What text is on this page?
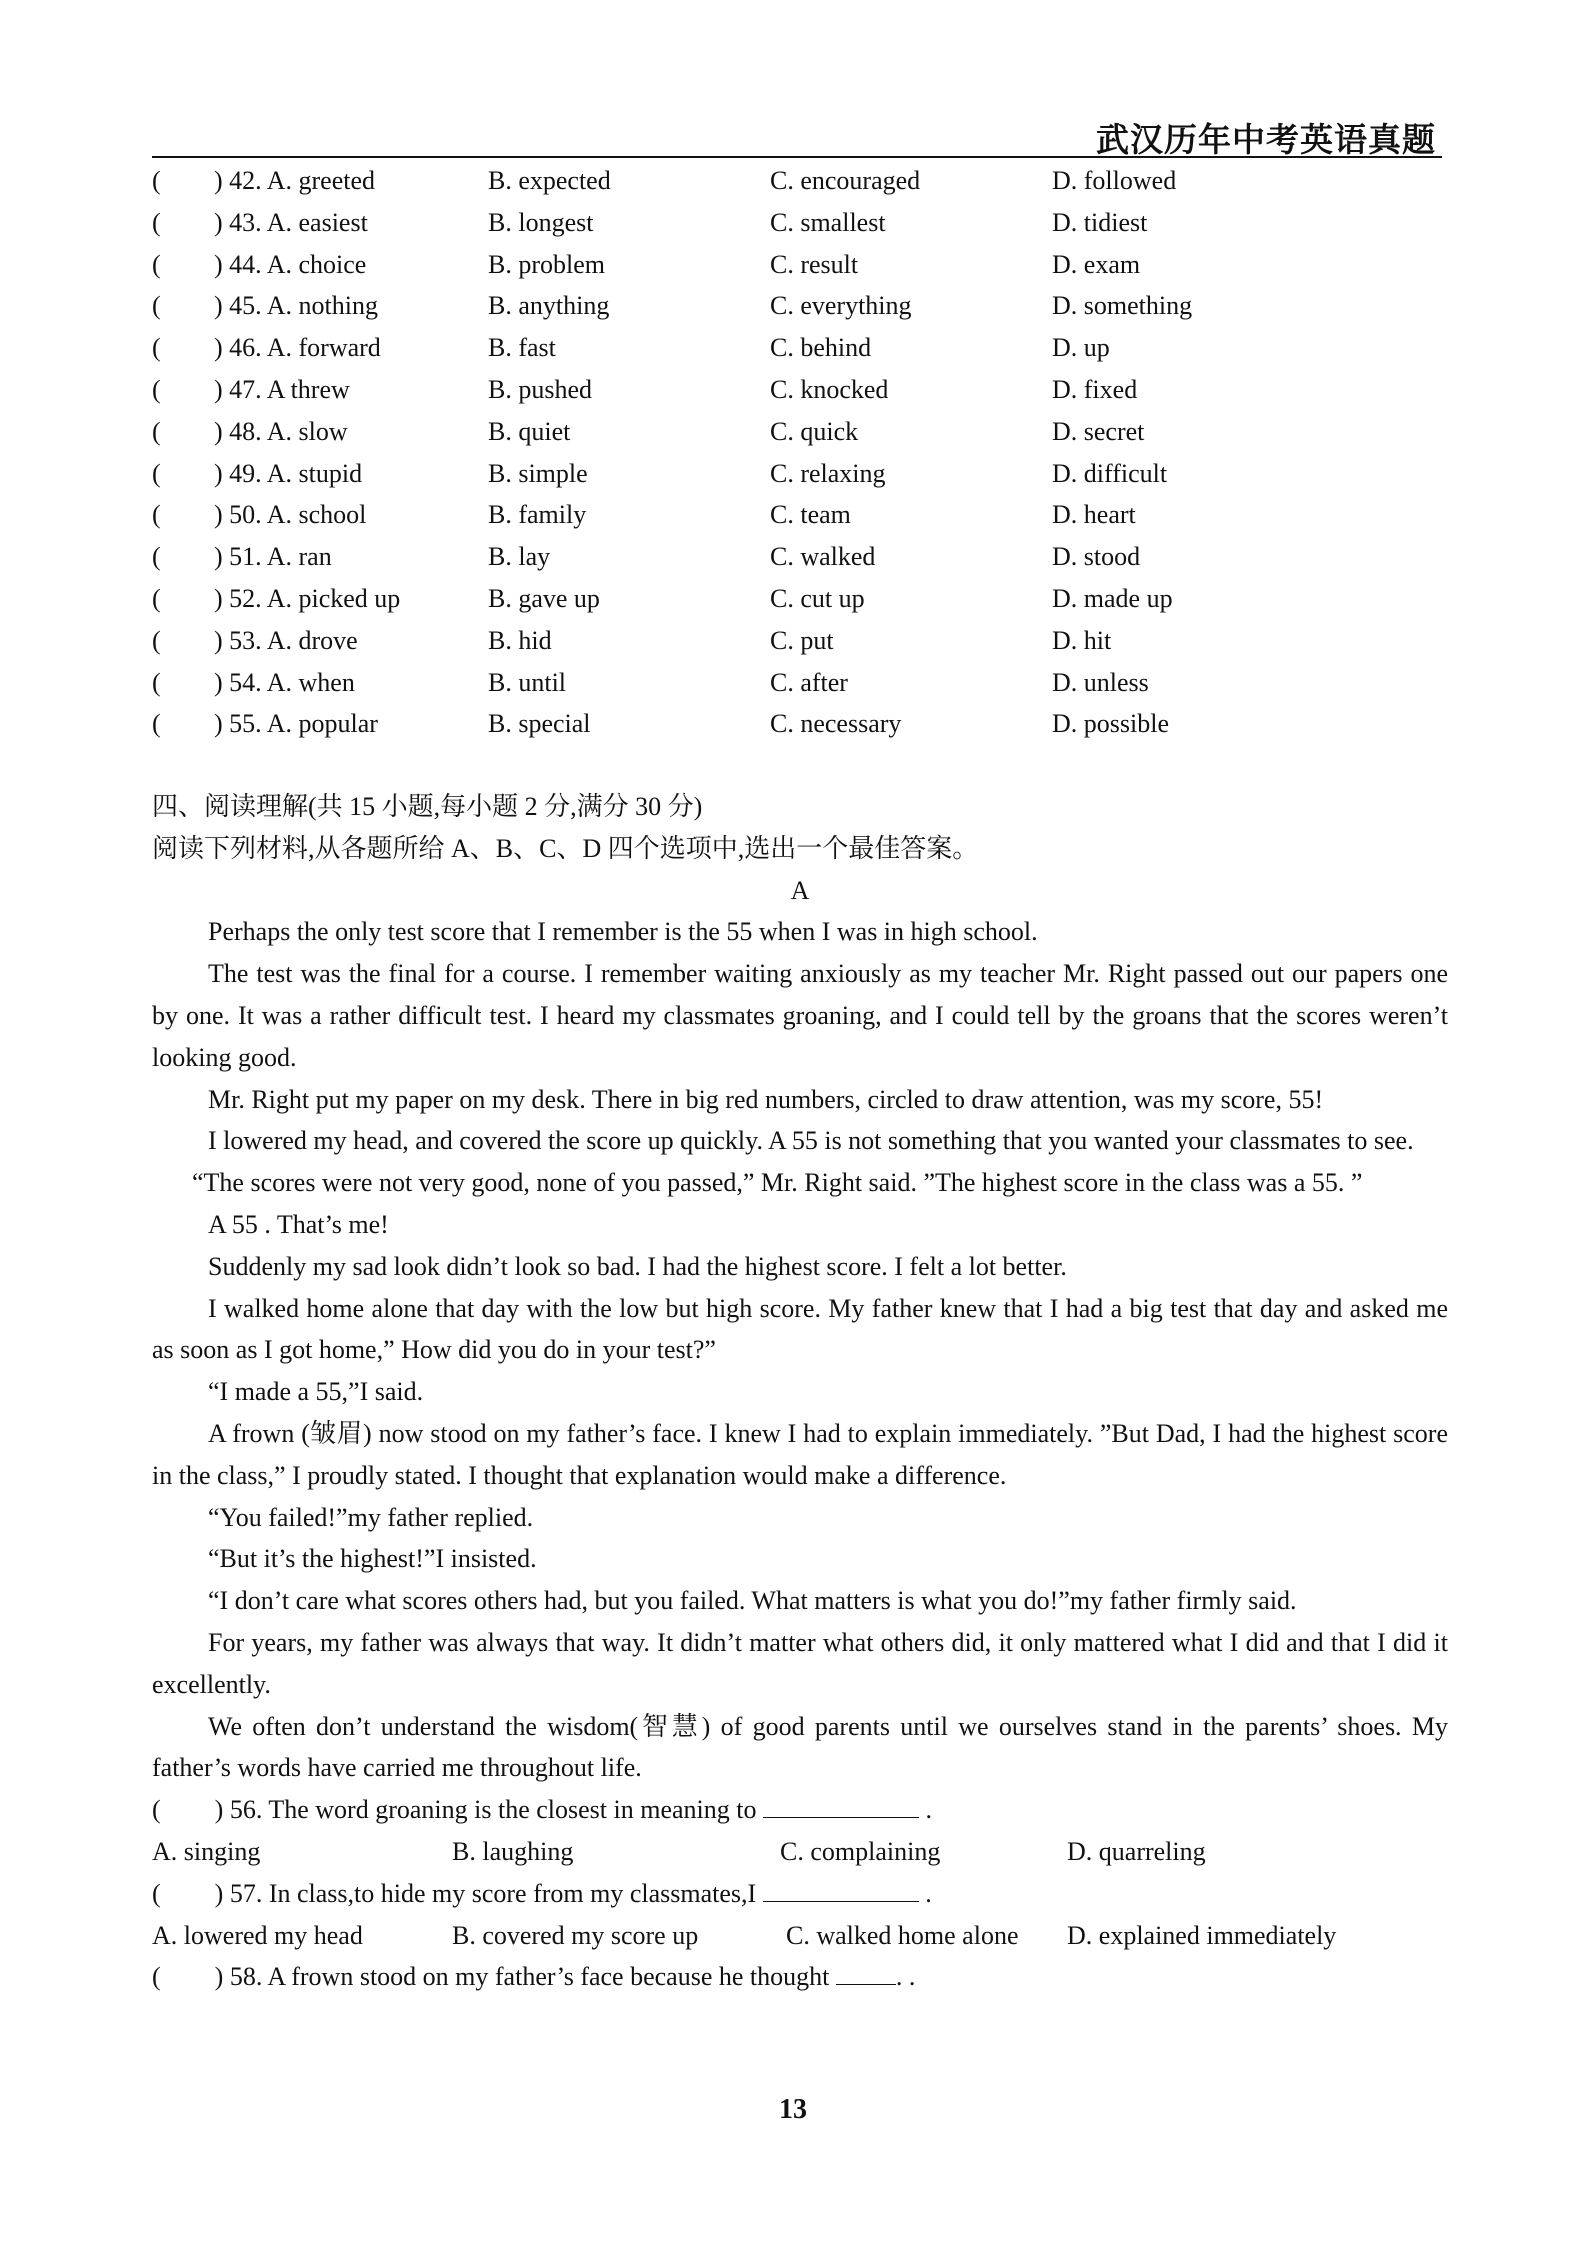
武汉历年中考英语真题
( ) 42. A. greeted	B. expected	C. encouraged	D. followed
( ) 43. A. easiest	B. longest	C. smallest	D. tidiest
( ) 44. A. choice	B. problem	C. result	D. exam
( ) 45. A. nothing	B. anything	C. everything	D. something
( ) 46. A. forward	B. fast	C. behind	D. up
( ) 47. A threw	B. pushed	C. knocked	D. fixed
( ) 48. A. slow	B. quiet	C. quick	D. secret
( ) 49. A. stupid	B. simple	C. relaxing	D. difficult
( ) 50. A. school	B. family	C. team	D. heart
( ) 51. A. ran	B. lay	C. walked	D. stood
( ) 52. A. picked up	B. gave up	C. cut up	D. made up
( ) 53. A. drove	B. hid	C. put	D. hit
( ) 54. A. when	B. until	C. after	D. unless
( ) 55. A. popular	B. special	C. necessary	D. possible
四、阅读理解(共 15 小题,每小题 2 分,满分 30 分)
阅读下列材料,从各题所给 A、B、C、D 四个选项中,选出一个最佳答案。
A
Perhaps the only test score that I remember is the 55 when I was in high school.
The test was the final for a course. I remember waiting anxiously as my teacher Mr. Right passed out our papers one by one. It was a rather difficult test. I heard my classmates groaning, and I could tell by the groans that the scores weren’t looking good.
Mr. Right put my paper on my desk. There in big red numbers, circled to draw attention, was my score, 55!
I lowered my head, and covered the score up quickly. A 55 is not something that you wanted your classmates to see.
“The scores were not very good, none of you passed,” Mr. Right said. ”The highest score in the class was a 55. ”
A 55 . That’s me!
Suddenly my sad look didn’t look so bad. I had the highest score. I felt a lot better.
I walked home alone that day with the low but high score. My father knew that I had a big test that day and asked me as soon as I got home,” How did you do in your test?”
“I made a 55,”I said.
A frown (皱眉) now stood on my father’s face. I knew I had to explain immediately. ”But Dad, I had the highest score in the class,” I proudly stated. I thought that explanation would make a difference.
“You failed!”my father replied.
“But it’s the highest!”I insisted.
“I don’t care what scores others had, but you failed. What matters is what you do!”my father firmly said.
For years, my father was always that way. It didn’t matter what others did, it only mattered what I did and that I did it excellently.
We often don’t understand the wisdom(智慧) of good parents until we ourselves stand in the parents’ shoes. My father’s words have carried me throughout life.
( ) 56. The word groaning is the closest in meaning to	.
A. singing	B. laughing	C. complaining	D. quarreling
( ) 57. In class,to hide my score from my classmates,I	.
A. lowered my head	B. covered my score up	C. walked home alone D. explained immediately
( ) 58. A frown stood on my father’s face because he thought	. .
13
